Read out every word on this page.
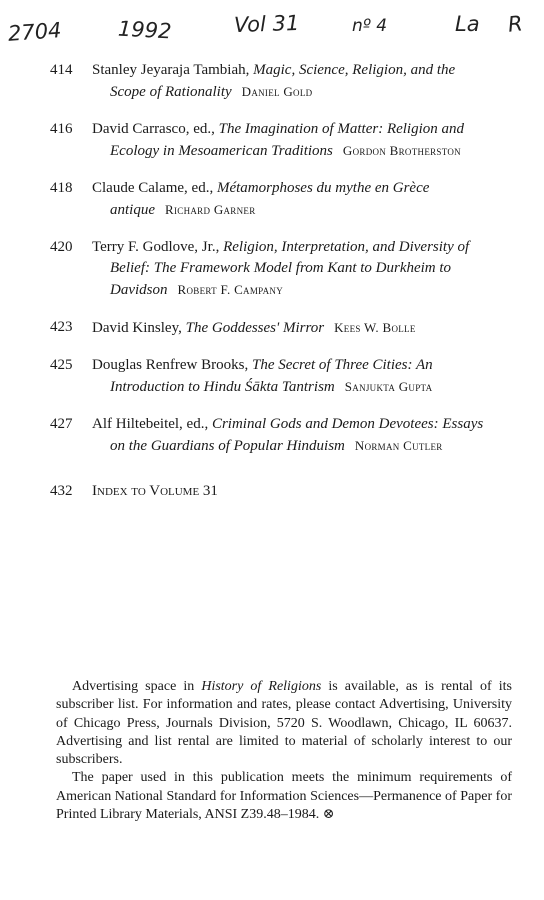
2704	1992	Vol 31	nº 4	La R
414 Stanley Jeyaraja Tambiah, Magic, Science, Religion, and the
Scope of Rationality Daniel Gold
416 David Carrasco, ed., The Imagination of Matter: Religion and
Ecology in Mesoamerican Traditions Gordon Brotherston
418 Claude Calame, ed., Métamorphoses du mythe en Grèce
antique Richard Garner
420 Terry F. Godlove, Jr., Religion, Interpretation, and Diversity of
Belief: The Framework Model from Kant to Durkheim to
Davidson Robert F. Campany
423 David Kinsley, The Goddesses' Mirror Kees W. Bolle
425 Douglas Renfrew Brooks, The Secret of Three Cities: An
Introduction to Hindu Śākta Tantrism Sanjukta Gupta
427 Alf Hiltebeitel, ed., Criminal Gods and Demon Devotees: Essays
on the Guardians of Popular Hinduism Norman Cutler
432 Index to Volume 31

Advertising space in History of Religions is available, as is rental of its subscriber list. For information and rates, please contact Advertising, University of Chicago Press, Journals Division, 5720 S. Woodlawn, Chicago, IL 60637. Advertising and list rental are limited to material of scholarly interest to our subscribers.

The paper used in this publication meets the minimum requirements of American National Standard for Information Sciences—Permanence of Paper for Printed Library Materials, ANSI Z39.48–1984. ⊗
